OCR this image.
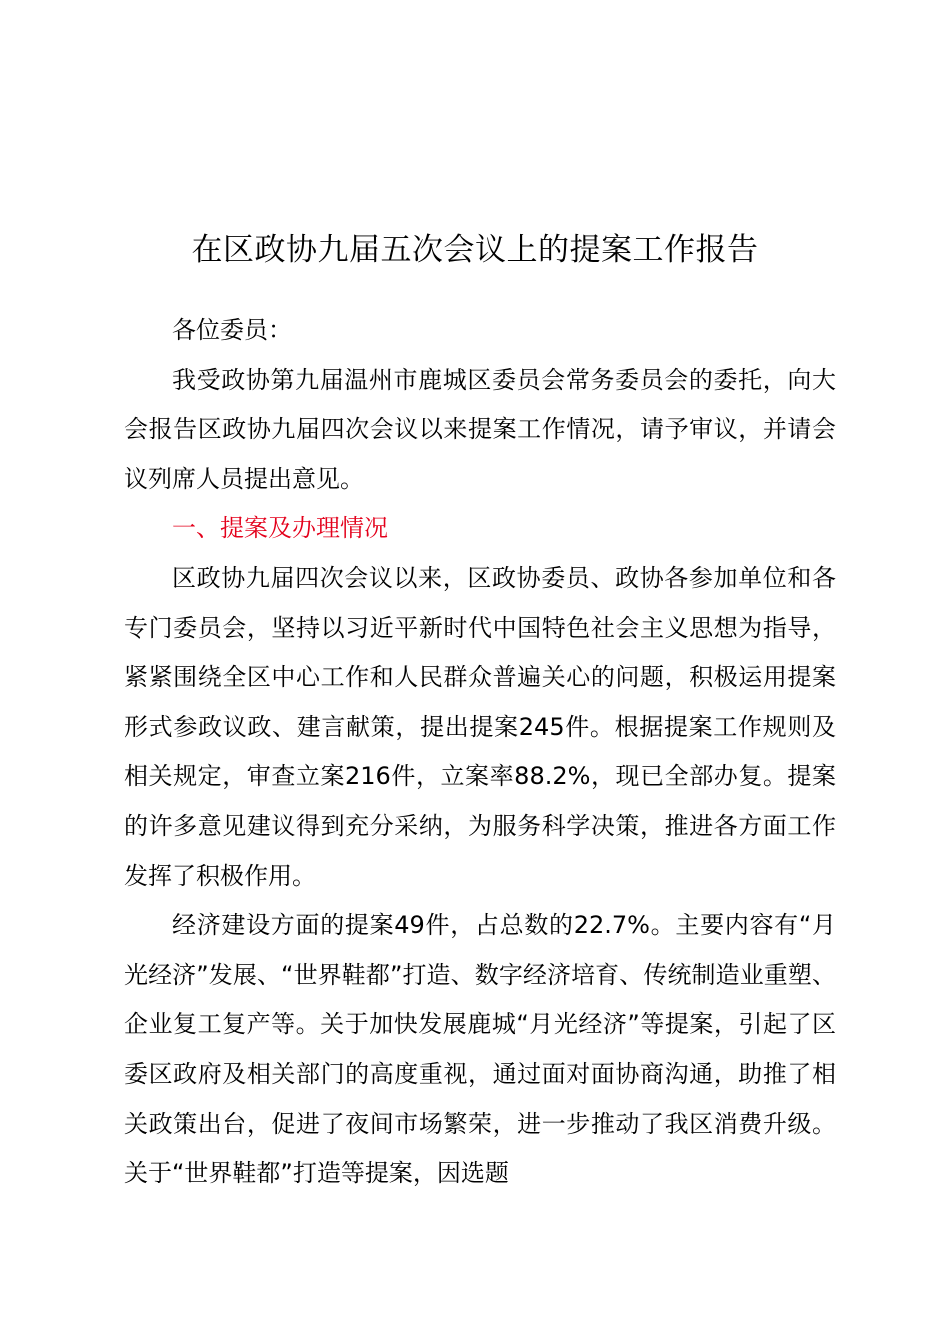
在区政协九届五次会议上的提案工作报告

各位委员：

我受政协第九届温州市鹿城区委员会常务委员会的委托，向大会报告区政协九届四次会议以来提案工作情况，请予审议，并请会议列席人员提出意见。

一、提案及办理情况

区政协九届四次会议以来，区政协委员、政协各参加单位和各专门委员会，坚持以习近平新时代中国特色社会主义思想为指导，紧紧围绕全区中心工作和人民群众普遍关心的问题，积极运用提案形式参政议政、建言献策，提出提案245件。根据提案工作规则及相关规定，审查立案216件，立案率88.2%，现已全部办复。提案的许多意见建议得到充分采纳，为服务科学决策，推进各方面工作发挥了积极作用。

经济建设方面的提案49件，占总数的22.7%。主要内容有“月光经济”发展、“世界鞋都”打造、数字经济培育、传统制造业重塑、企业复工复产等。关于加快发展鹿城“月光经济”等提案，引起了区委区政府及相关部门的高度重视，通过面对面协商沟通，助推了相关政策出台，促进了夜间市场繁荣，进一步推动了我区消费升级。关于“世界鞋都”打造等提案，因选题
